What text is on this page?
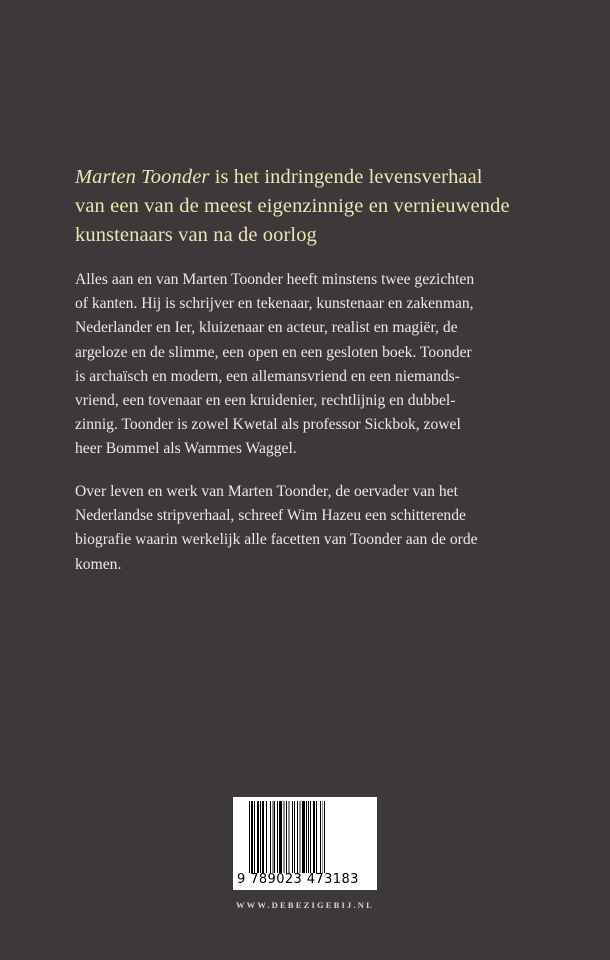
Marten Toonder is het indringende levensverhaal
van een van de meest eigenzinnige en vernieuwende
kunstenaars van na de oorlog
Alles aan en van Marten Toonder heeft minstens twee gezichten
of kanten. Hij is schrijver en tekenaar, kunstenaar en zakenman,
Nederlander en Ier, kluizenaar en acteur, realist en magiër, de
argeloze en de slimme, een open en een gesloten boek. Toonder
is archaïsch en modern, een allemansvriend en een niemands-
vriend, een tovenaar en een kruidenier, rechtlijnig en dubbel-
zinnig. Toonder is zowel Kwetal als professor Sickbok, zowel
heer Bommel als Wammes Waggel.
Over leven en werk van Marten Toonder, de oervader van het
Nederlandse stripverhaal, schreef Wim Hazeu een schitterende
biografie waarin werkelijk alle facetten van Toonder aan de orde
komen.
9 789023 473183
WWW.DEBEZIGEBIJ.NL
